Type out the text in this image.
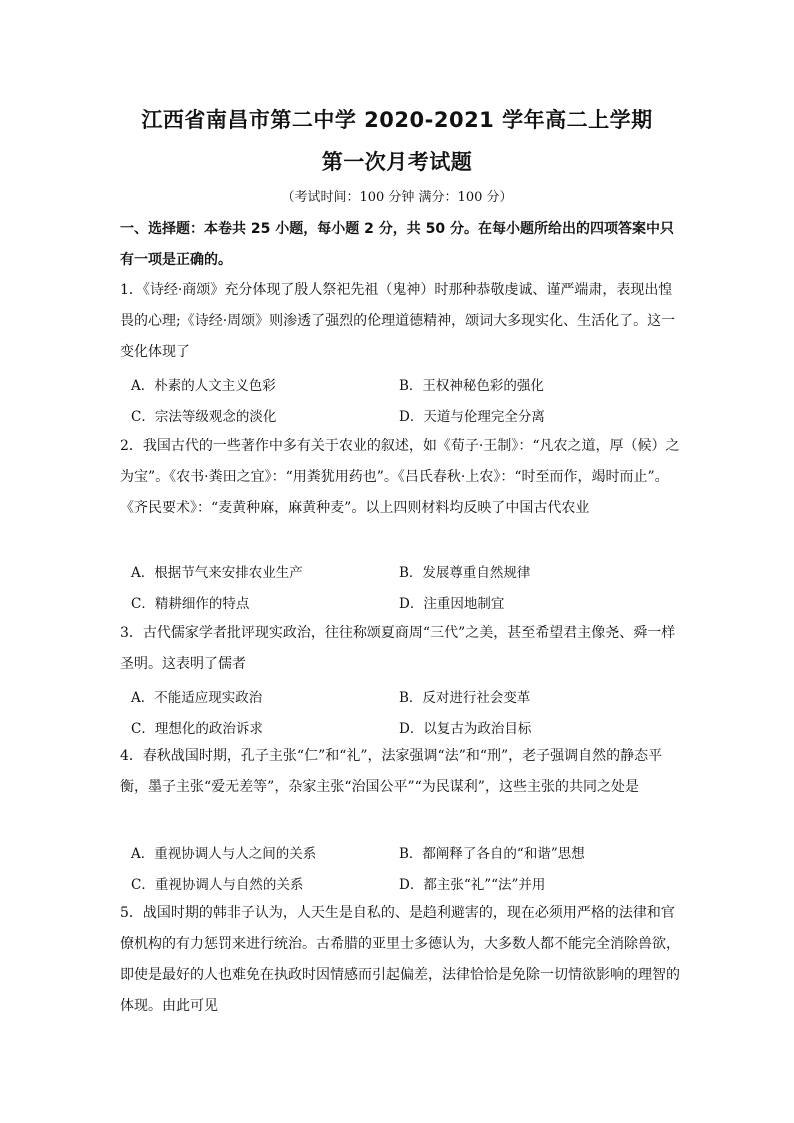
江西省南昌市第二中学 2020-2021 学年高二上学期
第一次月考试题
（考试时间：100 分钟 满分：100 分）
一、选择题：本卷共 25 小题，每小题 2 分，共 50 分。在每小题所给出的四项答案中只有一项是正确的。
1．《诗经·商颂》充分体现了殷人祭祀先祖（鬼神）时那种恭敬虔诚、谨严端肃，表现出惶畏的心理;《诗经·周颂》则渗透了强烈的伦理道德精神，颂词大多现实化、生活化了。这一变化体现了
A．朴素的人文主义色彩	B．王权神秘色彩的强化
C．宗法等级观念的淡化	D．天道与伦理完全分离
2．我国古代的一些著作中多有关于农业的叙述，如《荀子·王制》：“凡农之道，厚（候）之为宝”。《农书·粪田之宜》：“用粪犹用药也”。《吕氏春秋·上农》：“时至而作，竭时而止”。《齐民要术》：“麦黄种麻，麻黄种麦”。以上四则材料均反映了中国古代农业
A．根据节气来安排农业生产	B．发展尊重自然规律
C．精耕细作的特点	D．注重因地制宜
3．古代儒家学者批评现实政治，往往称颂夏商周“三代”之美，甚至希望君主像尧、舜一样圣明。这表明了儒者
A．不能适应现实政治	B．反对进行社会变革
C．理想化的政治诉求	D．以复古为政治目标
4．春秋战国时期，孔子主张“仁”和“礼”，法家强调“法”和“刑”，老子强调自然的静态平衡，墨子主张“爱无差等”，杂家主张“治国公平”“为民谋利”，这些主张的共同之处是
A．重视协调人与人之间的关系	B．都阐释了各自的“和谐”思想
C．重视协调人与自然的关系	D．都主张“礼”“法”并用
5．战国时期的韩非子认为，人天生是自私的、是趋利避害的，现在必须用严格的法律和官僚机构的有力惩罚来进行统治。古希腊的亚里士多德认为，大多数人都不能完全消除兽欲，即使是最好的人也难免在执政时因情感而引起偏差，法律恰恰是免除一切情欲影响的理智的体现。由此可见
